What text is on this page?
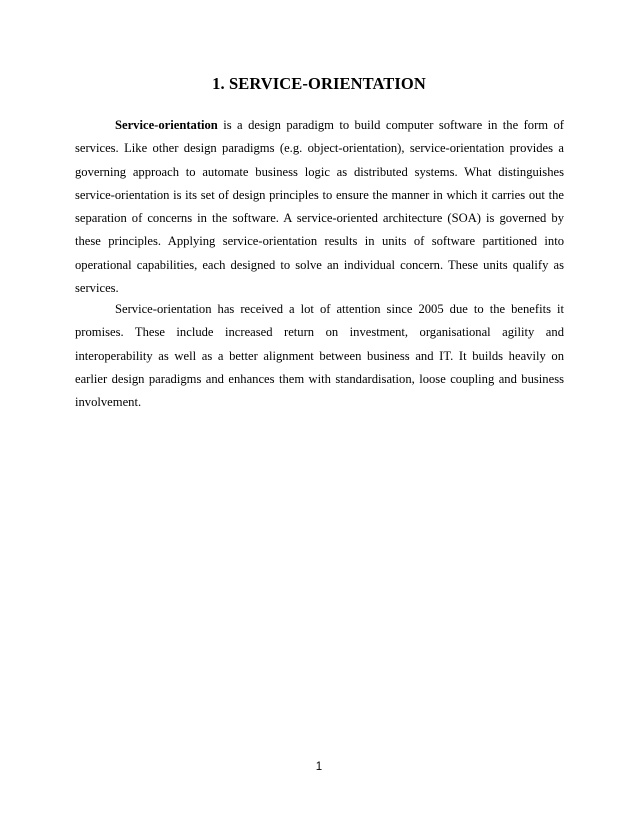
1. SERVICE-ORIENTATION

Service-orientation is a design paradigm to build computer software in the form of services. Like other design paradigms (e.g. object-orientation), service-orientation provides a governing approach to automate business logic as distributed systems. What distinguishes service-orientation is its set of design principles to ensure the manner in which it carries out the separation of concerns in the software. A service-oriented architecture (SOA) is governed by these principles. Applying service-orientation results in units of software partitioned into operational capabilities, each designed to solve an individual concern. These units qualify as services.

Service-orientation has received a lot of attention since 2005 due to the benefits it promises. These include increased return on investment, organisational agility and interoperability as well as a better alignment between business and IT. It builds heavily on earlier design paradigms and enhances them with standardisation, loose coupling and business involvement.

1
